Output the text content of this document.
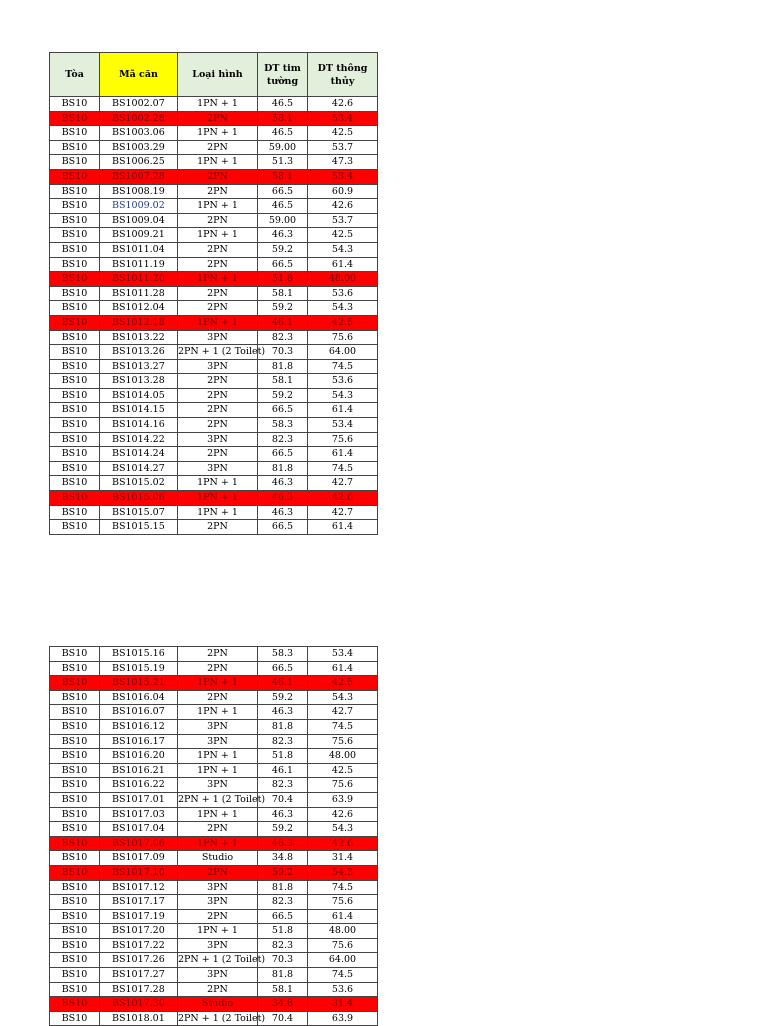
Tòa	Mã căn	Loại hình	DT tim tường	DT thông thủy
BS10	BS1002.07	1PN + 1	46.5	42.6
BS10	BS1002.28	2PN	58.1	53.4
BS10	BS1003.06	1PN + 1	46.5	42.5
BS10	BS1003.29	2PN	59.00	53.7
BS10	BS1006.25	1PN + 1	51.3	47.3
BS10	BS1007.28	2PN	58.1	53.4
BS10	BS1008.19	2PN	66.5	60.9
BS10	BS1009.02	1PN + 1	46.5	42.6
BS10	BS1009.04	2PN	59.00	53.7
BS10	BS1009.21	1PN + 1	46.3	42.5
BS10	BS1011.04	2PN	59.2	54.3
BS10	BS1011.19	2PN	66.5	61.4
BS10	BS1011.20	1PN + 1	51.8	48.00
BS10	BS1011.28	2PN	58.1	53.6
BS10	BS1012.04	2PN	59.2	54.3
BS10	BS1012.18	1PN + 1	46.1	42.5
BS10	BS1013.22	3PN	82.3	75.6
BS10	BS1013.26	2PN + 1 (2 Toilet)	70.3	64.00
BS10	BS1013.27	3PN	81.8	74.5
BS10	BS1013.28	2PN	58.1	53.6
BS10	BS1014.05	2PN	59.2	54.3
BS10	BS1014.15	2PN	66.5	61.4
BS10	BS1014.16	2PN	58.3	53.4
BS10	BS1014.22	3PN	82.3	75.6
BS10	BS1014.24	2PN	66.5	61.4
BS10	BS1014.27	3PN	81.8	74.5
BS10	BS1015.02	1PN + 1	46.3	42.7
BS10	BS1015.06	1PN + 1	46.3	42.6
BS10	BS1015.07	1PN + 1	46.3	42.7
BS10	BS1015.15	2PN	66.5	61.4
BS10	BS1015.16	2PN	58.3	53.4
BS10	BS1015.19	2PN	66.5	61.4
BS10	BS1015.21	1PN + 1	46.1	42.5
BS10	BS1016.04	2PN	59.2	54.3
BS10	BS1016.07	1PN + 1	46.3	42.7
BS10	BS1016.12	3PN	81.8	74.5
BS10	BS1016.17	3PN	82.3	75.6
BS10	BS1016.20	1PN + 1	51.8	48.00
BS10	BS1016.21	1PN + 1	46.1	42.5
BS10	BS1016.22	3PN	82.3	75.6
BS10	BS1017.01	2PN + 1 (2 Toilet)	70.4	63.9
BS10	BS1017.03	1PN + 1	46.3	42.6
BS10	BS1017.04	2PN	59.2	54.3
BS10	BS1017.06	1PN + 1	46.3	42.6
BS10	BS1017.09	Studio	34.8	31.4
BS10	BS1017.10	2PN	59.2	54.3
BS10	BS1017.12	3PN	81.8	74.5
BS10	BS1017.17	3PN	82.3	75.6
BS10	BS1017.19	2PN	66.5	61.4
BS10	BS1017.20	1PN + 1	51.8	48.00
BS10	BS1017.22	3PN	82.3	75.6
BS10	BS1017.26	2PN + 1 (2 Toilet)	70.3	64.00
BS10	BS1017.27	3PN	81.8	74.5
BS10	BS1017.28	2PN	58.1	53.6
BS10	BS1017.30	Studio	34.8	31.4
BS10	BS1018.01	2PN + 1 (2 Toilet)	70.4	63.9
